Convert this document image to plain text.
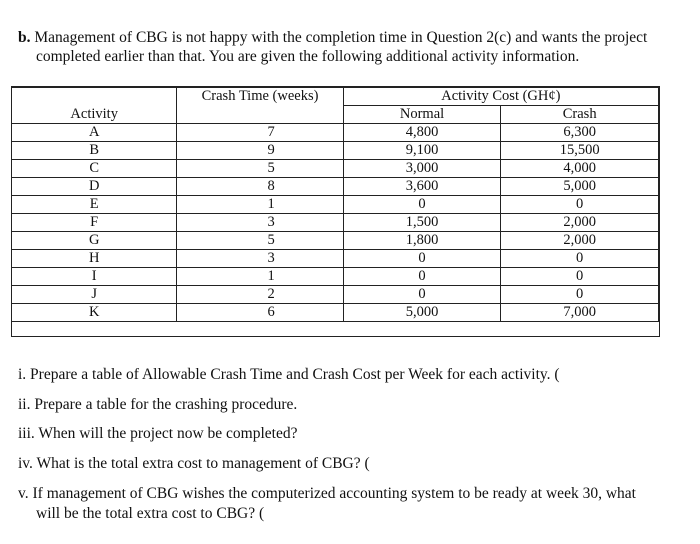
b. Management of CBG is not happy with the completion time in Question 2(c) and wants the project
completed earlier than that. You are given the following additional activity information.
	Crash Time (weeks)	Activity Cost (GH¢)	
Activity		Normal	Crash
A	7	4,800	6,300
B	9	9,100	15,500
C	5	3,000	4,000
D	8	3,600	5,000
E	1	0	0
F	3	1,500	2,000
G	5	1,800	2,000
H	3	0	0
I	1	0	0
J	2	0	0
K	6	5,000	7,000
i. Prepare a table of Allowable Crash Time and Crash Cost per Week for each activity. (
ii. Prepare a table for the crashing procedure.
iii. When will the project now be completed?
iv. What is the total extra cost to management of CBG? (
v. If management of CBG wishes the computerized accounting system to be ready at week 30, what
will be the total extra cost to CBG? (
